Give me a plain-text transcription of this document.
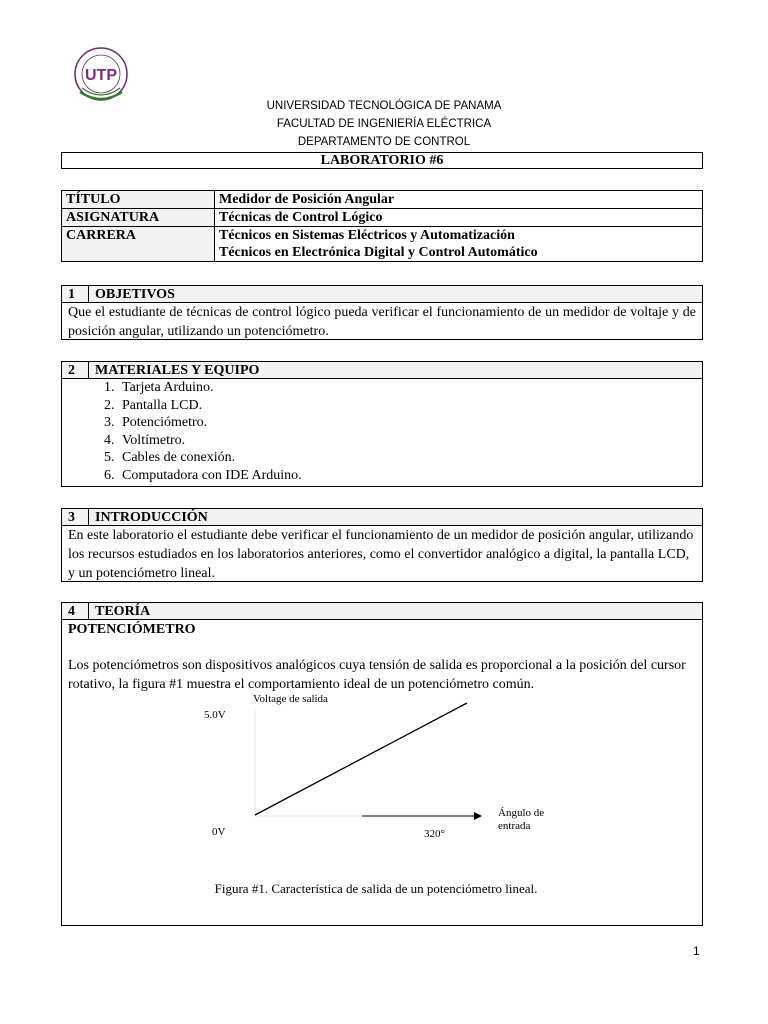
UTP
UNIVERSIDAD TECNOLÓGICA DE PANAMA
FACULTAD DE INGENIERÍA ELÉCTRICA
DEPARTAMENTO DE CONTROL
LABORATORIO #6
TÍTULO	Medidor de Posición Angular
ASIGNATURA	Técnicas de Control Lógico
CARRERA	Técnicos en Sistemas Eléctricos y Automatización
Técnicos en Electrónica Digital y Control Automático
1	OBJETIVOS
Que el estudiante de técnicas de control lógico pueda verificar el funcionamiento de un medidor de voltaje y de posición angular, utilizando un potenciómetro.
2	MATERIALES Y EQUIPO
1. Tarjeta Arduino.
2. Pantalla LCD.
3. Potenciómetro.
4. Voltímetro.
5. Cables de conexión.
6. Computadora con IDE Arduino.
3	INTRODUCCIÓN
En este laboratorio el estudiante debe verificar el funcionamiento de un medidor de posición angular, utilizando los recursos estudiados en los laboratorios anteriores, como el convertidor analógico a digital, la pantalla LCD, y un potenciómetro lineal.
4	TEORÍA
POTENCIÓMETRO
Los potenciómetros son dispositivos analógicos cuya tensión de salida es proporcional a la posición del cursor rotativo, la figura #1 muestra el comportamiento ideal de un potenciómetro común.
Voltage de salida
5.0V
0V	320°
Ángulo de
entrada
Figura #1. Característica de salida de un potenciómetro lineal.
1
